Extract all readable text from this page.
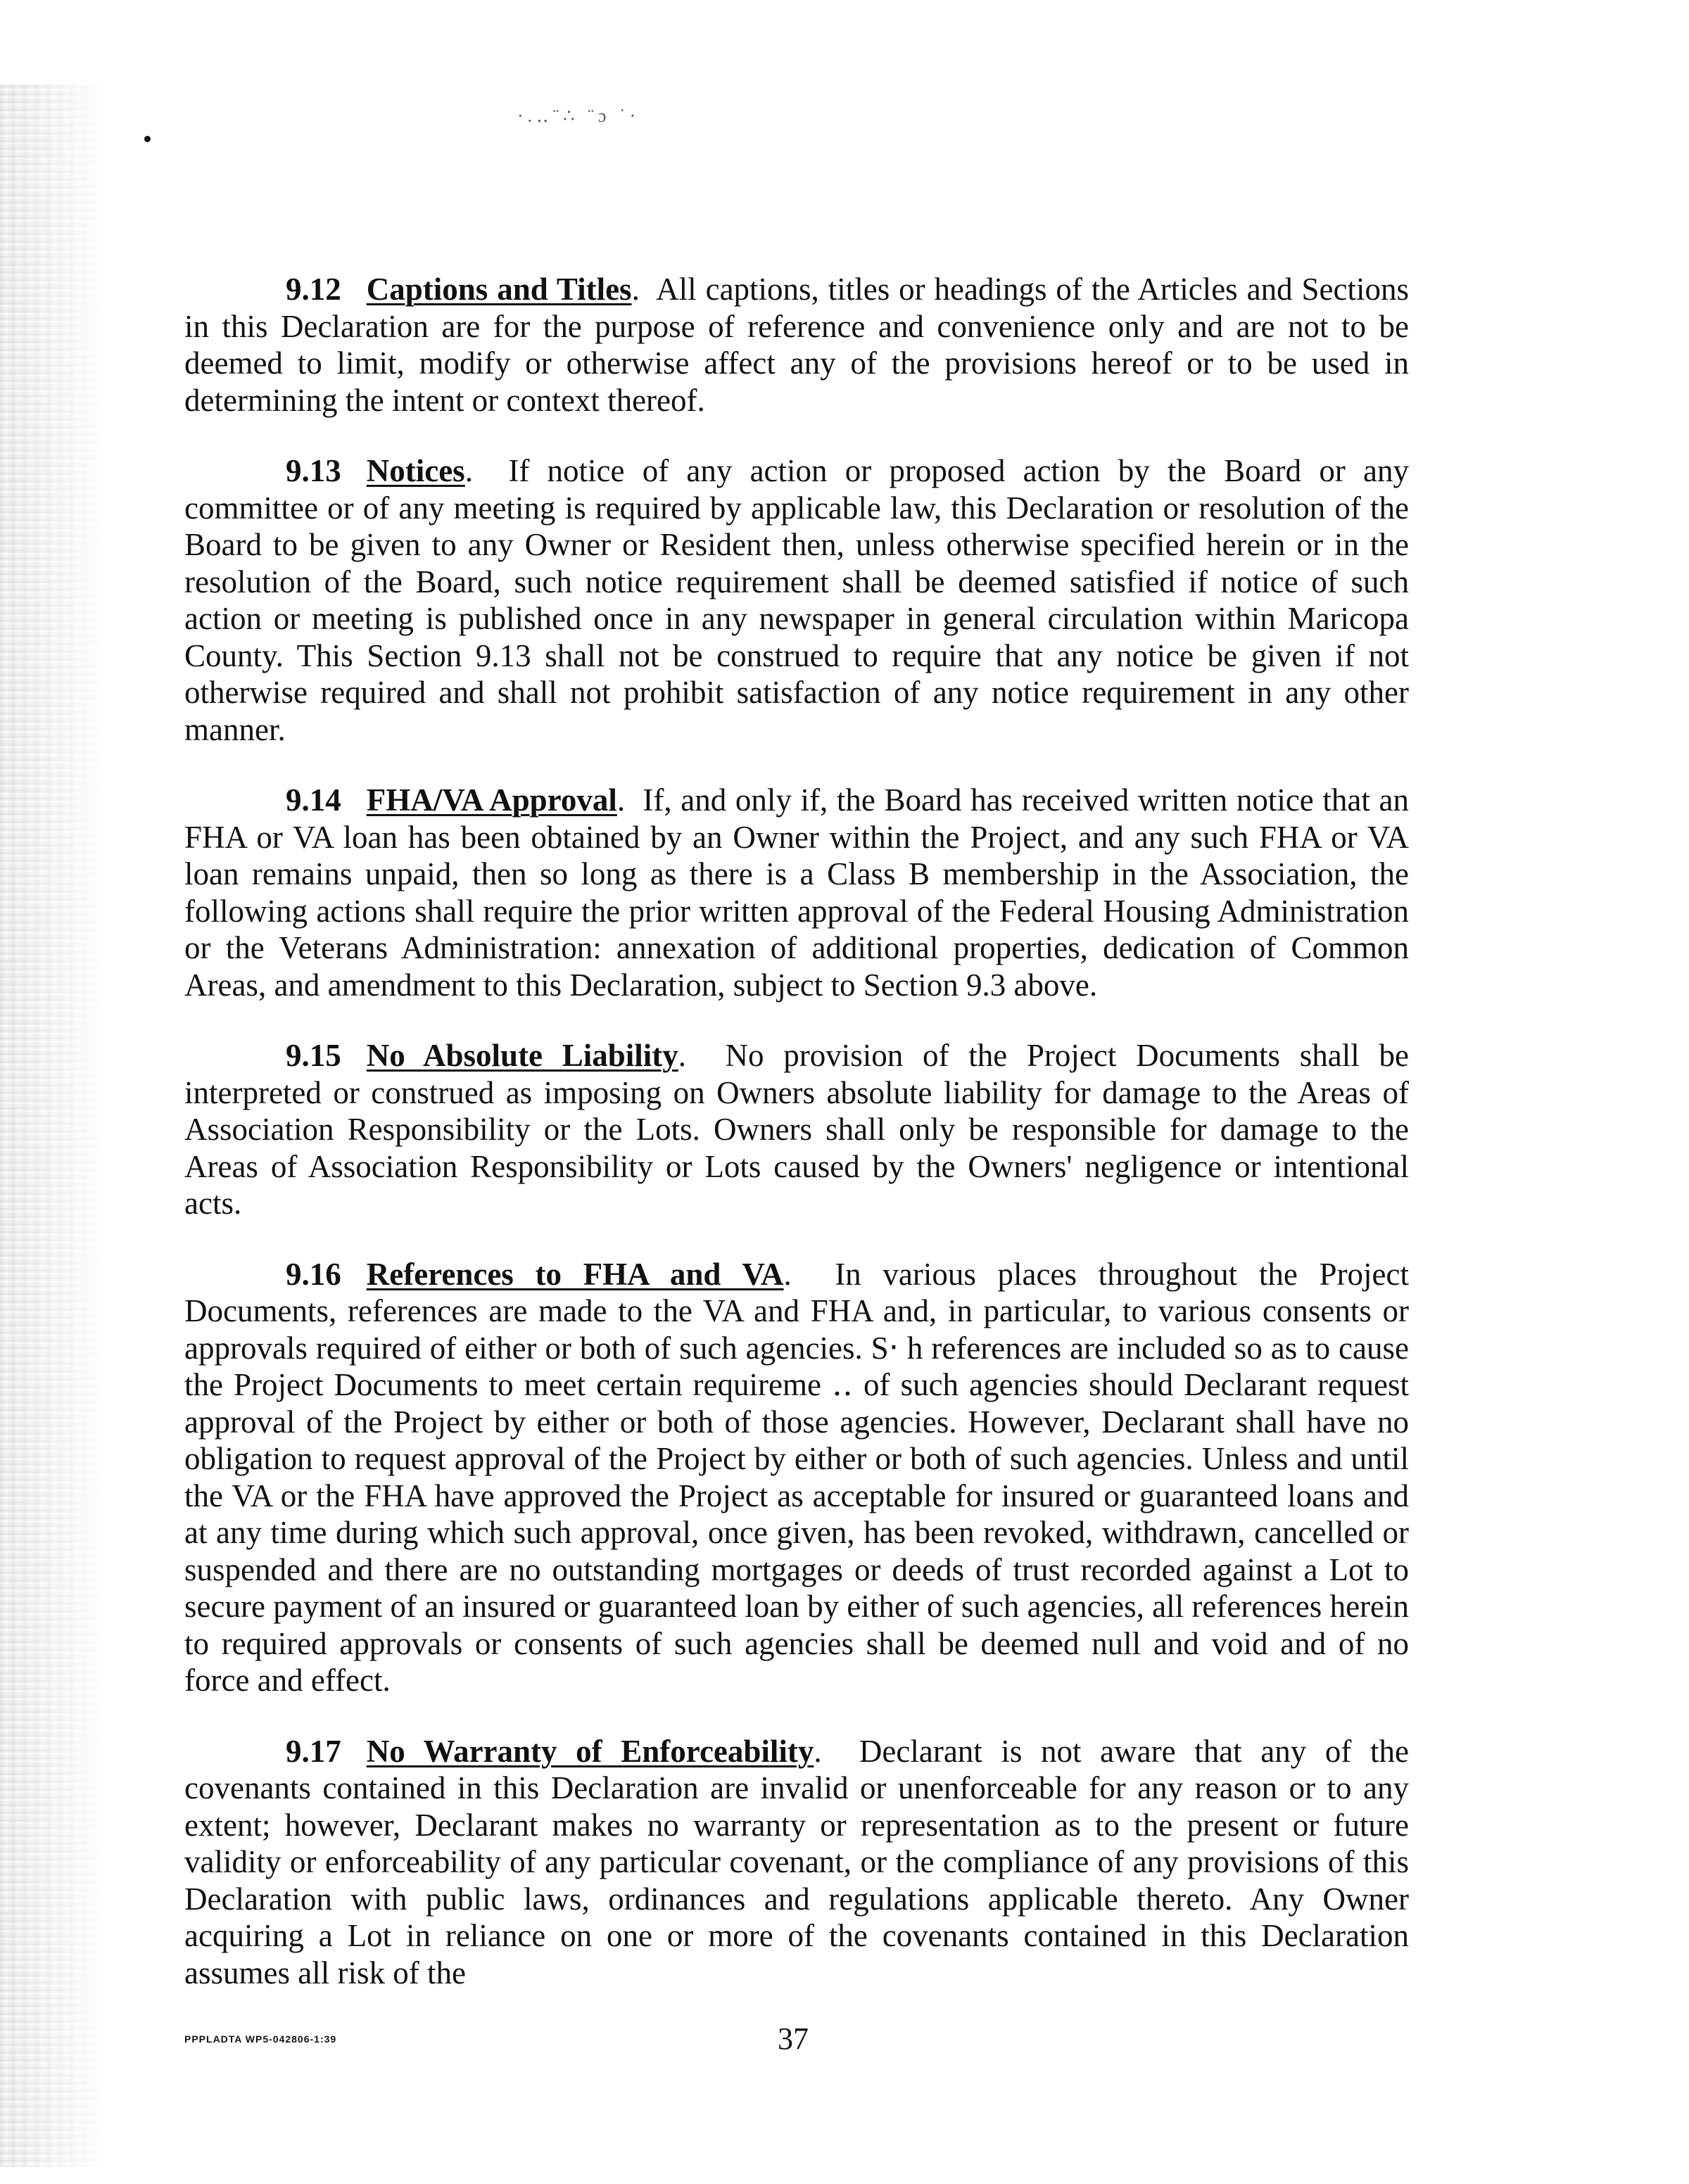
·.‥¨∴ ¨ɔ ˙·

9.12 Captions and Titles.  All captions, titles or headings of the Articles and Sections in this Declaration are for the purpose of reference and convenience only and are not to be deemed to limit, modify or otherwise affect any of the provisions hereof or to be used in determining the intent or context thereof.

9.13 Notices.  If notice of any action or proposed action by the Board or any committee or of any meeting is required by applicable law, this Declaration or resolution of the Board to be given to any Owner or Resident then, unless otherwise specified herein or in the resolution of the Board, such notice requirement shall be deemed satisfied if notice of such action or meeting is published once in any newspaper in general circulation within Maricopa County. This Section 9.13 shall not be construed to require that any notice be given if not otherwise required and shall not prohibit satisfaction of any notice requirement in any other manner.

9.14 FHA/VA Approval.  If, and only if, the Board has received written notice that an FHA or VA loan has been obtained by an Owner within the Project, and any such FHA or VA loan remains unpaid, then so long as there is a Class B membership in the Association, the following actions shall require the prior written approval of the Federal Housing Administration or the Veterans Administration: annexation of additional properties, dedication of Common Areas, and amendment to this Declaration, subject to Section 9.3 above.

9.15 No Absolute Liability.  No provision of the Project Documents shall be interpreted or construed as imposing on Owners absolute liability for damage to the Areas of Association Responsibility or the Lots. Owners shall only be responsible for damage to the Areas of Association Responsibility or Lots caused by the Owners' negligence or intentional acts.

9.16 References to FHA and VA.  In various places throughout the Project Documents, references are made to the VA and FHA and, in particular, to various consents or approvals required of either or both of such agencies. S‧ h references are included so as to cause the Project Documents to meet certain requireme ‥ of such agencies should Declarant request approval of the Project by either or both of those agencies. However, Declarant shall have no obligation to request approval of the Project by either or both of such agencies. Unless and until the VA or the FHA have approved the Project as acceptable for insured or guaranteed loans and at any time during which such approval, once given, has been revoked, withdrawn, cancelled or suspended and there are no outstanding mortgages or deeds of trust recorded against a Lot to secure payment of an insured or guaranteed loan by either of such agencies, all references herein to required approvals or consents of such agencies shall be deemed null and void and of no force and effect.

9.17 No Warranty of Enforceability.  Declarant is not aware that any of the covenants contained in this Declaration are invalid or unenforceable for any reason or to any extent; however, Declarant makes no warranty or representation as to the present or future validity or enforceability of any particular covenant, or the compliance of any provisions of this Declaration with public laws, ordinances and regulations applicable thereto. Any Owner acquiring a Lot in reliance on one or more of the covenants contained in this Declaration assumes all risk of the

PPPLADTA WP5-042806-1:39	37
